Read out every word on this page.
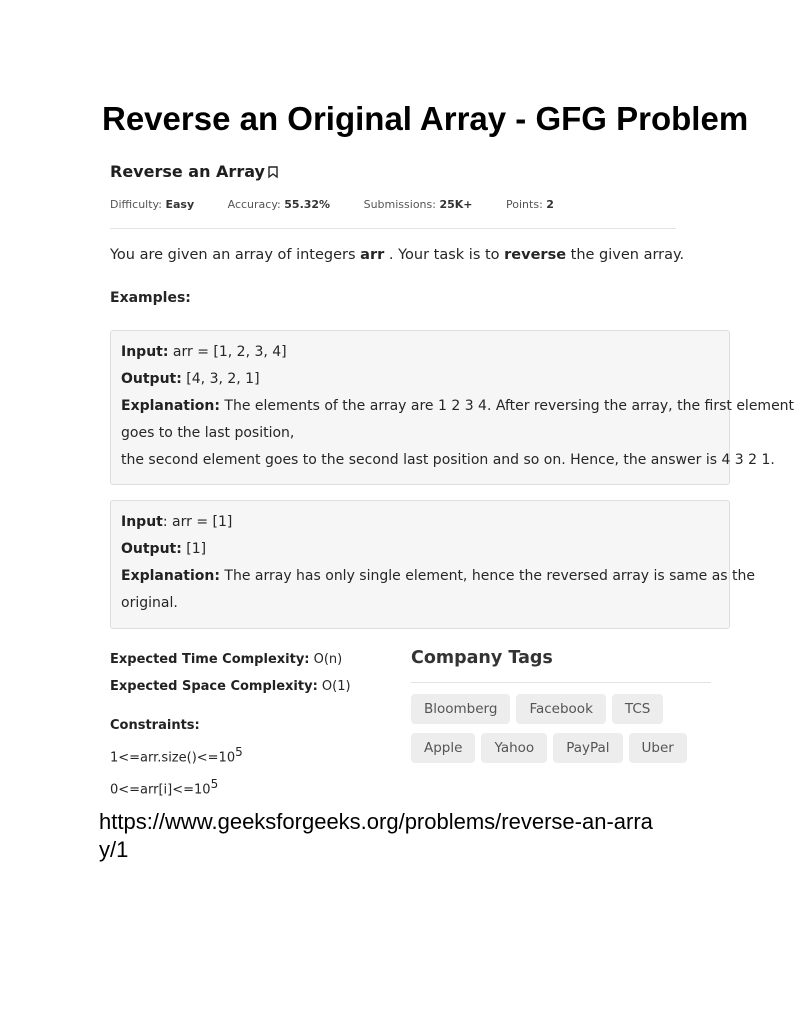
Reverse an Original Array - GFG Problem
Reverse an Array
Difficulty: Easy	Accuracy: 55.32%	Submissions: 25K+	Points: 2
You are given an array of integers arr . Your task is to reverse the given array.
Examples:
Input: arr = [1, 2, 3, 4]
Output: [4, 3, 2, 1]
Explanation: The elements of the array are 1 2 3 4. After reversing the array, the first element
goes to the last position,
the second element goes to the second last position and so on. Hence, the answer is 4 3 2 1.
Input: arr = [1]
Output: [1]
Explanation: The array has only single element, hence the reversed array is same as the
original.
Expected Time Complexity: O(n)
Expected Space Complexity: O(1)
Constraints:
$1<=arr.size()<=10^5$
$0<=arr[i]<=10^5$
Company Tags
Bloomberg Facebook TCSApple Yahoo PayPal Uber
https://www.geeksforgeeks.org/problems/reverse-an-array/1
